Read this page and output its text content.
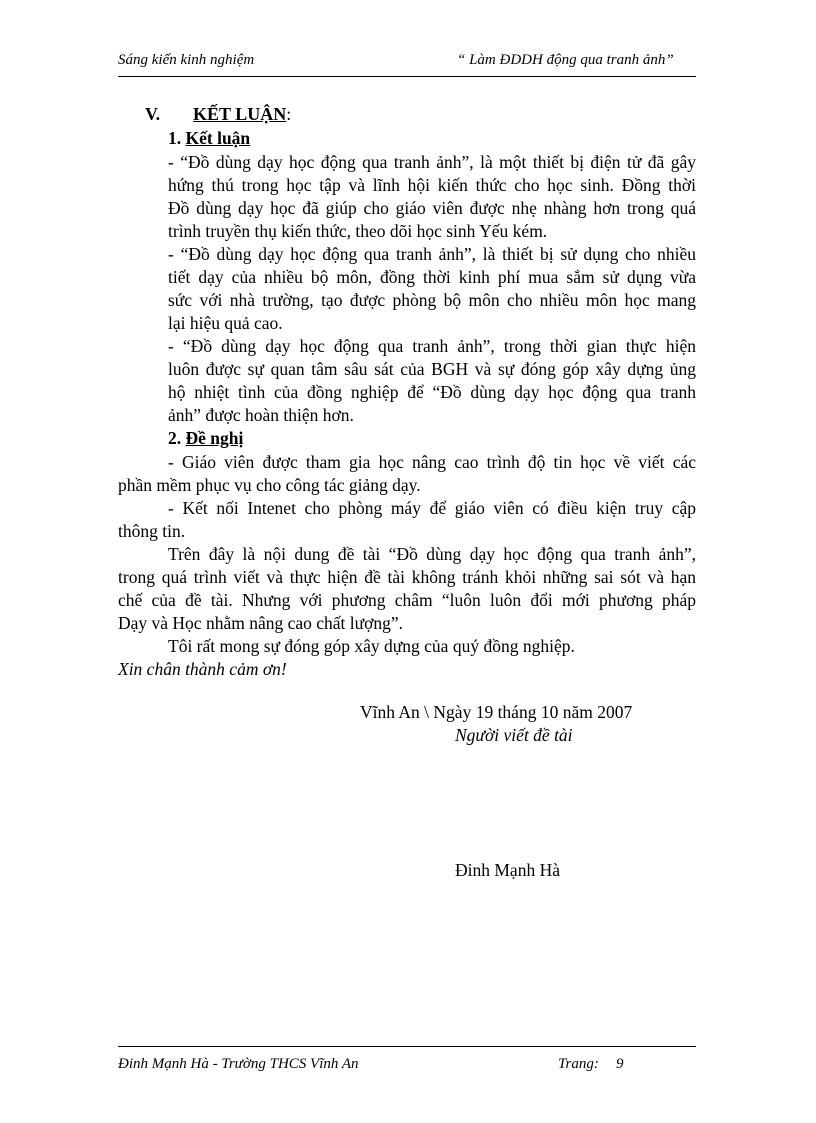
Sáng kiến kinh nghiệm	“ Làm ĐDDH động qua tranh ảnh”
V. KẾT LUẬN:
1. Kết luận
- “Đồ dùng dạy học động qua tranh ảnh”, là một thiết bị điện tử đã gây
hứng thú trong học tập và lĩnh hội kiến thức cho học sinh. Đồng thời
Đồ dùng dạy học đã giúp cho giáo viên được nhẹ nhàng hơn trong quá
trình truyền thụ kiến thức, theo dõi học sinh Yếu kém.
- “Đồ dùng dạy học động qua tranh ảnh”, là thiết bị sử dụng cho nhiều
tiết dạy của nhiều bộ môn, đồng thời kinh phí mua sắm sử dụng vừa
sức với nhà trường, tạo được phòng bộ môn cho nhiều môn học mang
lại hiệu quả cao.
- “Đồ dùng dạy học động qua tranh ảnh”, trong thời gian thực hiện
luôn được sự quan tâm sâu sát của BGH và sự đóng góp xây dựng ủng
hộ nhiệt tình của đồng nghiệp để “Đồ dùng dạy học động qua tranh
ảnh” được hoàn thiện hơn.
2. Đề nghị
- Giáo viên được tham gia học nâng cao trình độ tin học về viết các
phần mềm phục vụ cho công tác giảng dạy.
- Kết nối Intenet cho phòng máy để giáo viên có điều kiện truy cập
thông tin.
Trên đây là nội dung đề tài “Đồ dùng dạy học động qua tranh ảnh”,
trong quá trình viết và thực hiện đề tài không tránh khỏi những sai sót và hạn
chế của đề tài. Nhưng với phương châm “luôn luôn đổi mới phương pháp
Dạy và Học nhằm nâng cao chất lượng”.
Tôi rất mong sự đóng góp xây dựng của quý đồng nghiệp.
Xin chân thành cảm ơn!
Vĩnh An \ Ngày 19 tháng 10 năm 2007
Người viết đề tài
Đinh Mạnh Hà
Đinh Mạnh Hà - Trường THCS Vĩnh An	Trang: 9
